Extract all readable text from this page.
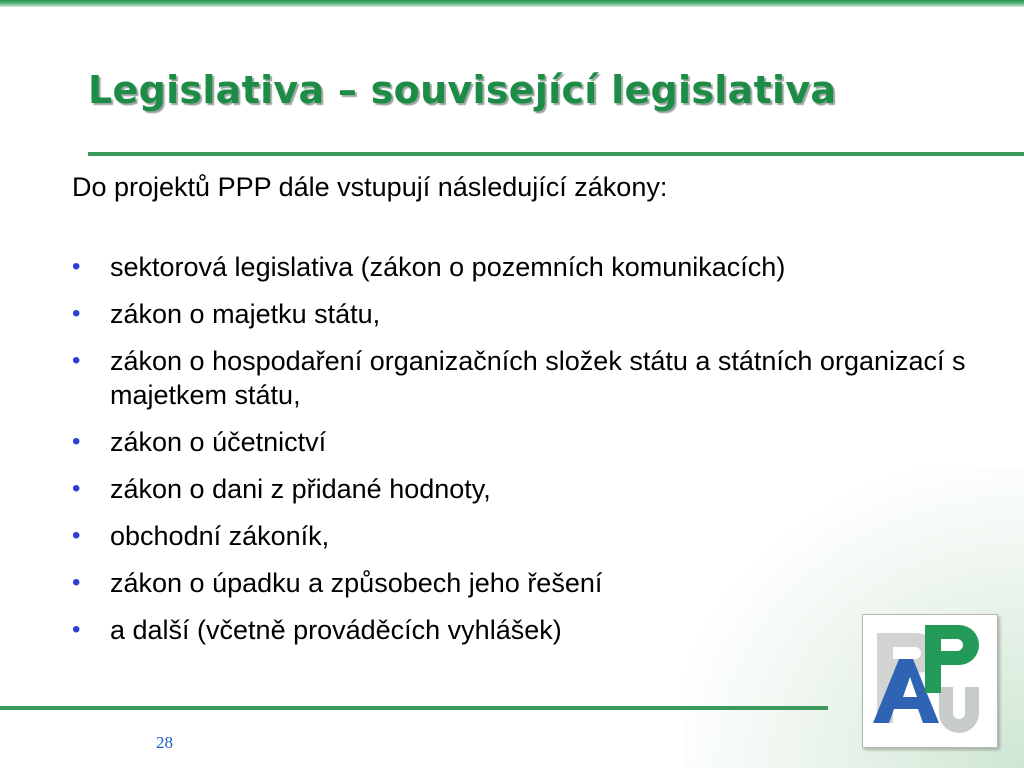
Legislativa – související legislativa

Do projektů PPP dále vstupují následující zákony:

• sektorová legislativa (zákon o pozemních komunikacích)
• zákon o majetku státu,
• zákon o hospodaření organizačních složek státu a státních organizací s majetkem státu,
• zákon o účetnictví
• zákon o dani z přidané hodnoty,
• obchodní zákoník,
• zákon o úpadku a způsobech jeho řešení
• a další (včetně prováděcích vyhlášek)
28
